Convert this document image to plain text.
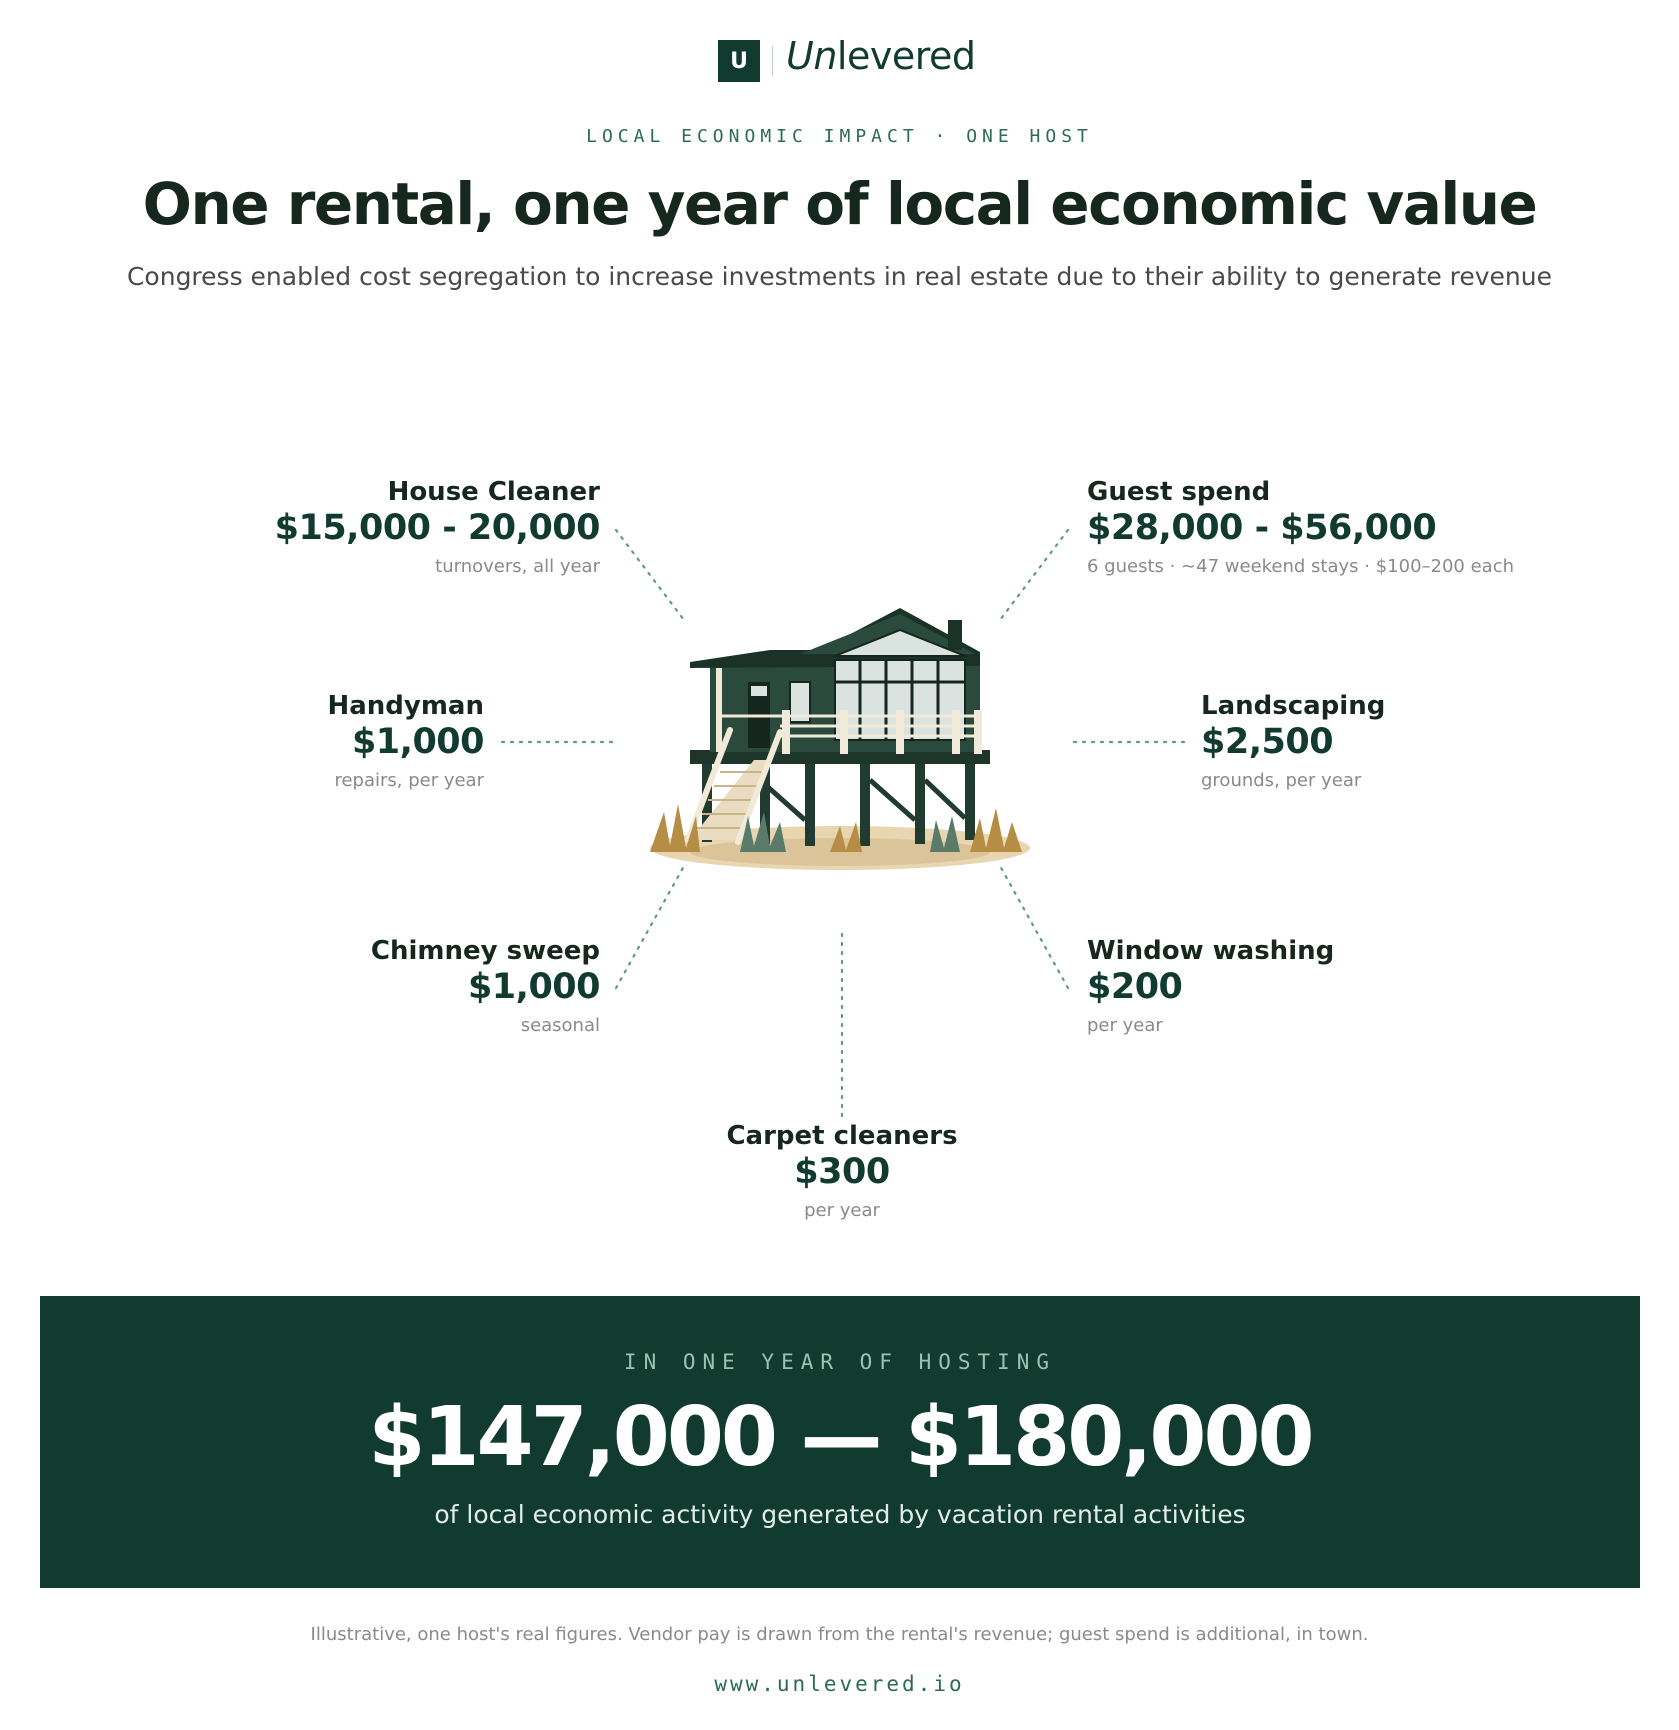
U Unlevered
LOCAL ECONOMIC IMPACT · ONE HOST
One rental, one year of local economic value
Congress enabled cost segregation to increase investments in real estate due to their ability to generate revenue
House Cleaner
$15,000 - 20,000
turnovers, all year
Guest spend
$28,000 - $56,000
6 guests · ~47 weekend stays · $100–200 each
Handyman
$1,000
repairs, per year
Landscaping
$2,500
grounds, per year
Chimney sweep
$1,000
seasonal
Window washing
$200
per year
Carpet cleaners
$300
per year
IN ONE YEAR OF HOSTING
$147,000 — $180,000
of local economic activity generated by vacation rental activities
Illustrative, one host's real figures. Vendor pay is drawn from the rental's revenue; guest spend is additional, in town.
www.unlevered.io
